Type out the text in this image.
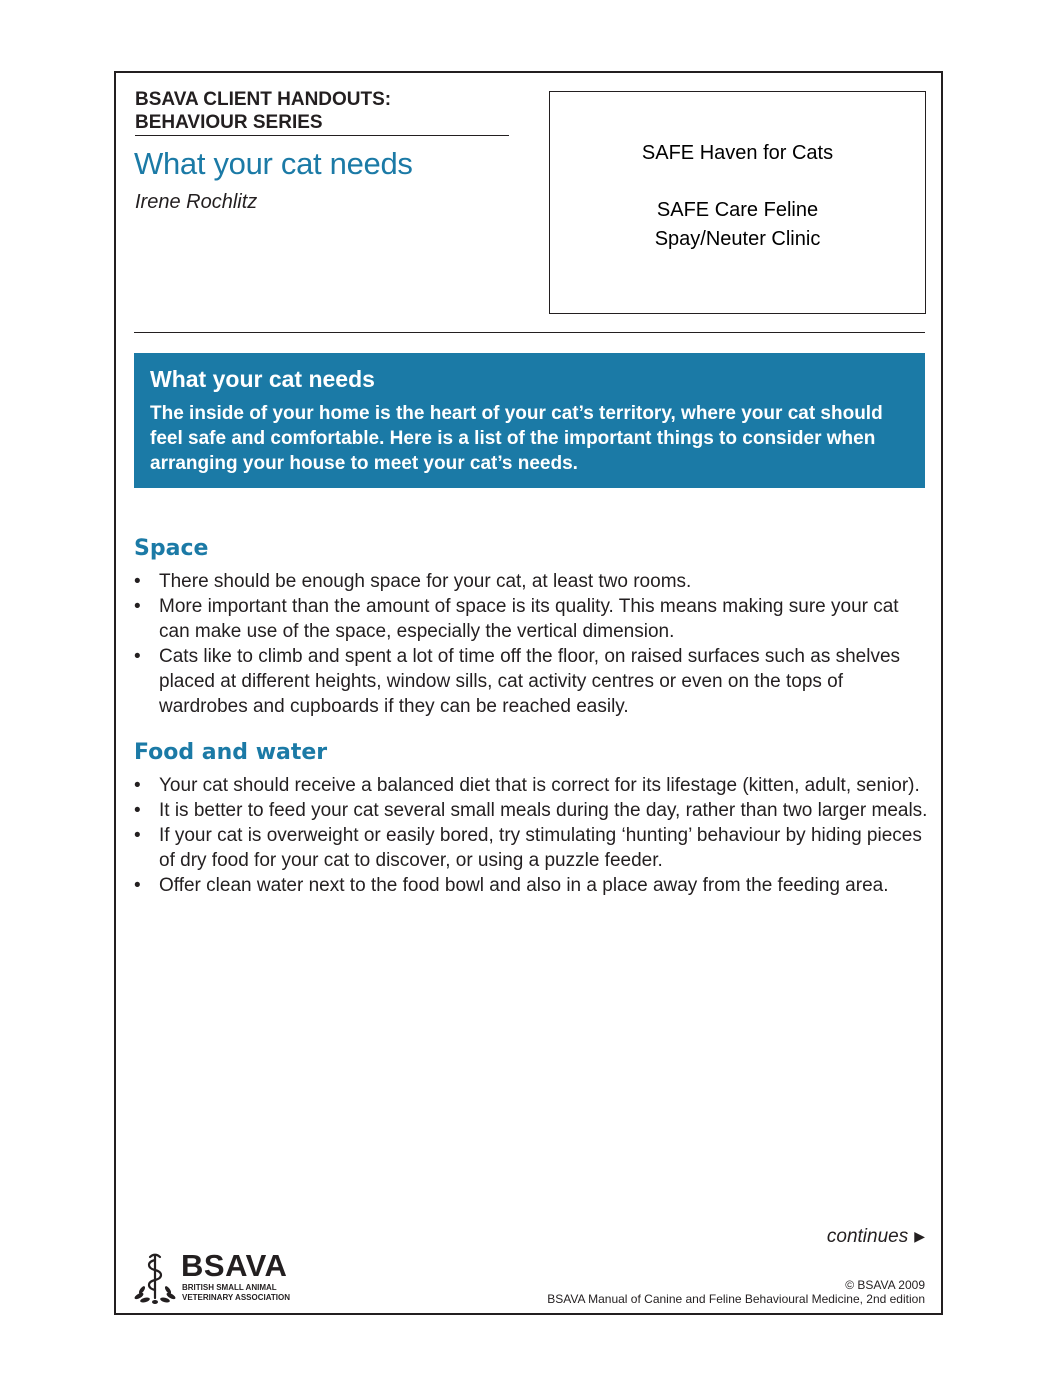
BSAVA CLIENT HANDOUTS:
BEHAVIOUR SERIES
What your cat needs
Irene Rochlitz
SAFE Haven for Cats
SAFE Care Feline
Spay/Neuter Clinic
What your cat needs

The inside of your home is the heart of your cat’s territory, where your cat should feel safe and comfortable. Here is a list of the important things to consider when arranging your house to meet your cat’s needs.

Space
• There should be enough space for your cat, at least two rooms.
• More important than the amount of space is its quality. This means making sure your cat can make use of the space, especially the vertical dimension.
• Cats like to climb and spent a lot of time off the floor, on raised surfaces such as shelves placed at different heights, window sills, cat activity centres or even on the tops of wardrobes and cupboards if they can be reached easily.
Food and water
• Your cat should receive a balanced diet that is correct for its lifestage (kitten, adult, senior).
• It is better to feed your cat several small meals during the day, rather than two larger meals.
• If your cat is overweight or easily bored, try stimulating ‘hunting’ behaviour by hiding pieces of dry food for your cat to discover, or using a puzzle feeder.
• Offer clean water next to the food bowl and also in a place away from the feeding area.
continues ▶
BSAVA
BRITISH SMALL ANIMAL
VETERINARY ASSOCIATION
© BSAVA 2009
BSAVA Manual of Canine and Feline Behavioural Medicine, 2nd edition
